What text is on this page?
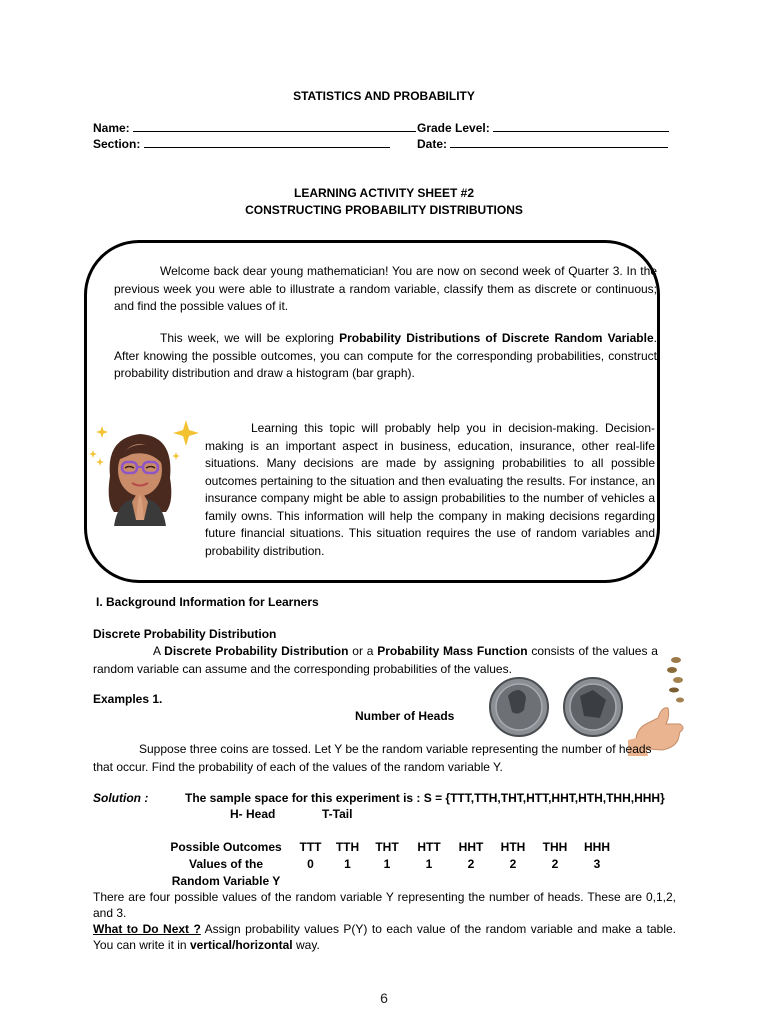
STATISTICS AND PROBABILITY
Name:
Section:
Grade Level:
Date:
LEARNING ACTIVITY SHEET #2
CONSTRUCTING PROBABILITY DISTRIBUTIONS
Welcome back dear young mathematician! You are now on second week of Quarter 3. In the previous week you were able to illustrate a random variable, classify them as discrete or continuous; and find the possible values of it.
This week, we will be exploring Probability Distributions of Discrete Random Variable. After knowing the possible outcomes, you can compute for the corresponding probabilities, construct probability distribution and draw a histogram (bar graph).
Learning this topic will probably help you in decision-making. Decision-making is an important aspect in business, education, insurance, other real-life situations. Many decisions are made by assigning probabilities to all possible outcomes pertaining to the situation and then evaluating the results. For instance, an insurance company might be able to assign probabilities to the number of vehicles a family owns. This information will help the company in making decisions regarding future financial situations. This situation requires the use of random variables and probability distribution.
I. Background Information for Learners
Discrete Probability Distribution
A Discrete Probability Distribution or a Probability Mass Function consists of the values a random variable can assume and the corresponding probabilities of the values.
Examples 1.
Number of Heads
Suppose three coins are tossed. Let Y be the random variable representing the number of heads that occur. Find the probability of each of the values of the random variable Y.
Solution :	The sample space for this experiment is : S = {TTT,TTH,THT,HTT,HHT,HTH,THH,HHH}
H- Head	T-Tail
Possible Outcomes	TTT	TTH	THT	HTT	HHT	HTH	THH	HHH
Values of the	0	1	1	1	2	2	2	3
Random Variable Y								
There are four possible values of the random variable Y representing the number of heads. These are 0,1,2, and 3.
What to Do Next ? Assign probability values P(Y) to each value of the random variable and make a table. You can write it in vertical/horizontal way.
6
